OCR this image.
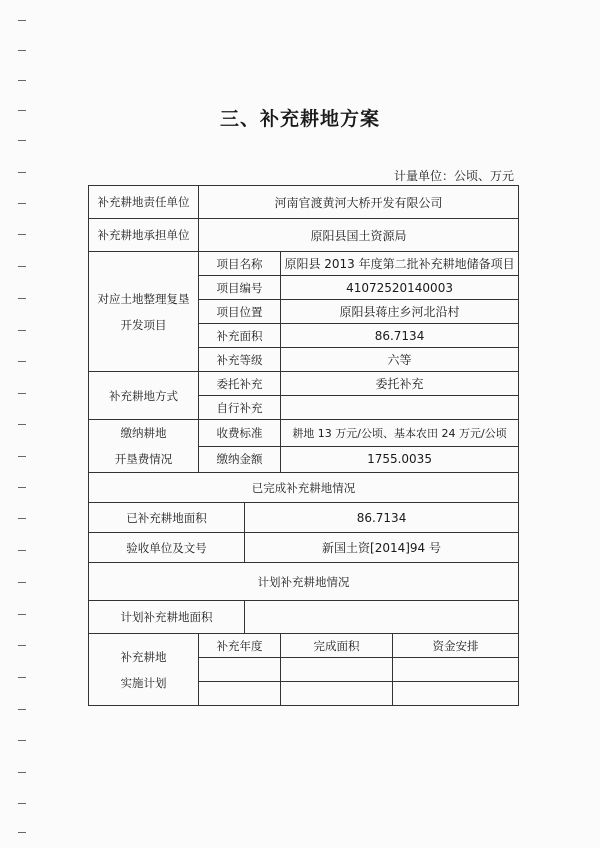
三、补充耕地方案
计量单位：公顷、万元
补充耕地责任单位	河南官渡黄河大桥开发有限公司			
补充耕地承担单位	原阳县国土资源局			

对应土地整理复垦
开发项目	项目名称		原阳县 2013 年度第二批补充耕地储备项目	
	项目编号		41072520140003	
	项目位置		原阳县蒋庄乡河北沿村	
	补充面积		86.7134	
	补充等级		六等	
补充耕地方式	委托补充		委托补充	
	自行补充			

缴纳耕地
开垦费情况	收费标准		耕地 13 万元/公顷、基本农田 24 万元/公顷	
	缴纳金额		1755.0035	
已完成补充耕地情况				
已补充耕地面积		86.7134		
验收单位及文号		新国土资[2014]94 号		
计划补充耕地情况				
计划补充耕地面积				

补充耕地
实施计划	补充年度		完成面积	资金安排
